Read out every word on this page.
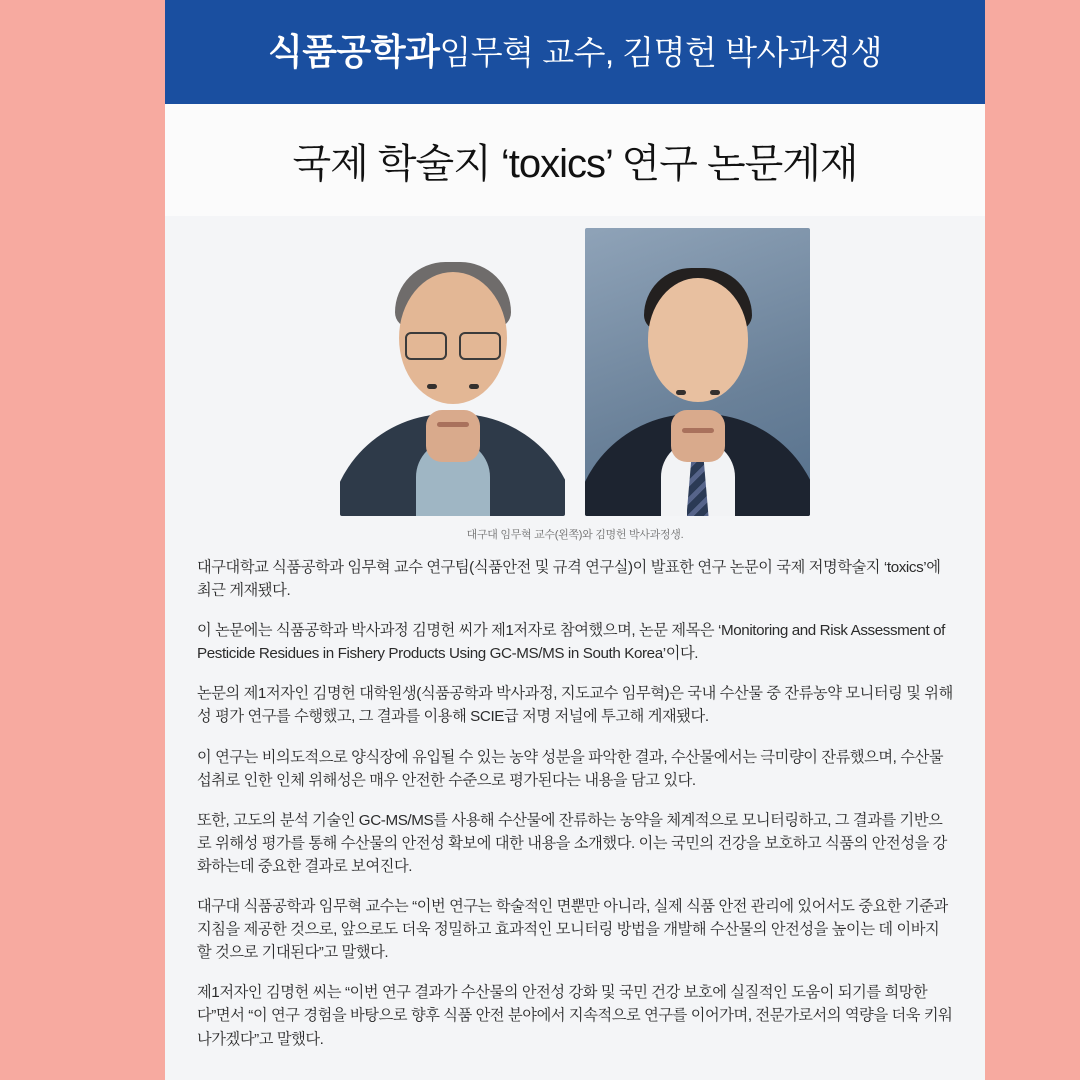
식품공학과임무혁 교수, 김명헌 박사과정생
국제 학술지 ‘toxics’ 연구 논문게재
대구대 임무혁 교수(왼쪽)와 김명헌 박사과정생.

대구대학교 식품공학과 임무혁 교수 연구팀(식품안전 및 규격 연구실)이 발표한 연구 논문이 국제 저명학술지 ‘toxics’에 최근 게재됐다.

이 논문에는 식품공학과 박사과정 김명헌 씨가 제1저자로 참여했으며, 논문 제목은 ‘Monitoring and Risk Assessment of Pesticide Residues in Fishery Products Using GC-MS/MS in South Korea’이다.

논문의 제1저자인 김명헌 대학원생(식품공학과 박사과정, 지도교수 임무혁)은 국내 수산물 중 잔류농약 모니터링 및 위해성 평가 연구를 수행했고, 그 결과를 이용해 SCIE급 저명 저널에 투고해 게재됐다.

이 연구는 비의도적으로 양식장에 유입될 수 있는 농약 성분을 파악한 결과, 수산물에서는 극미량이 잔류했으며, 수산물 섭취로 인한 인체 위해성은 매우 안전한 수준으로 평가된다는 내용을 담고 있다.

또한, 고도의 분석 기술인 GC-MS/MS를 사용해 수산물에 잔류하는 농약을 체계적으로 모니터링하고, 그 결과를 기반으로 위해성 평가를 통해 수산물의 안전성 확보에 대한 내용을 소개했다. 이는 국민의 건강을 보호하고 식품의 안전성을 강화하는데 중요한 결과로 보여진다.

대구대 식품공학과 임무혁 교수는 “이번 연구는 학술적인 면뿐만 아니라, 실제 식품 안전 관리에 있어서도 중요한 기준과 지침을 제공한 것으로, 앞으로도 더욱 정밀하고 효과적인 모니터링 방법을 개발해 수산물의 안전성을 높이는 데 이바지할 것으로 기대된다”고 말했다.

제1저자인 김명헌 씨는 “이번 연구 결과가 수산물의 안전성 강화 및 국민 건강 보호에 실질적인 도움이 되기를 희망한다”면서 “이 연구 경험을 바탕으로 향후 식품 안전 분야에서 지속적으로 연구를 이어가며, 전문가로서의 역량을 더욱 키워나가겠다”고 말했다.
